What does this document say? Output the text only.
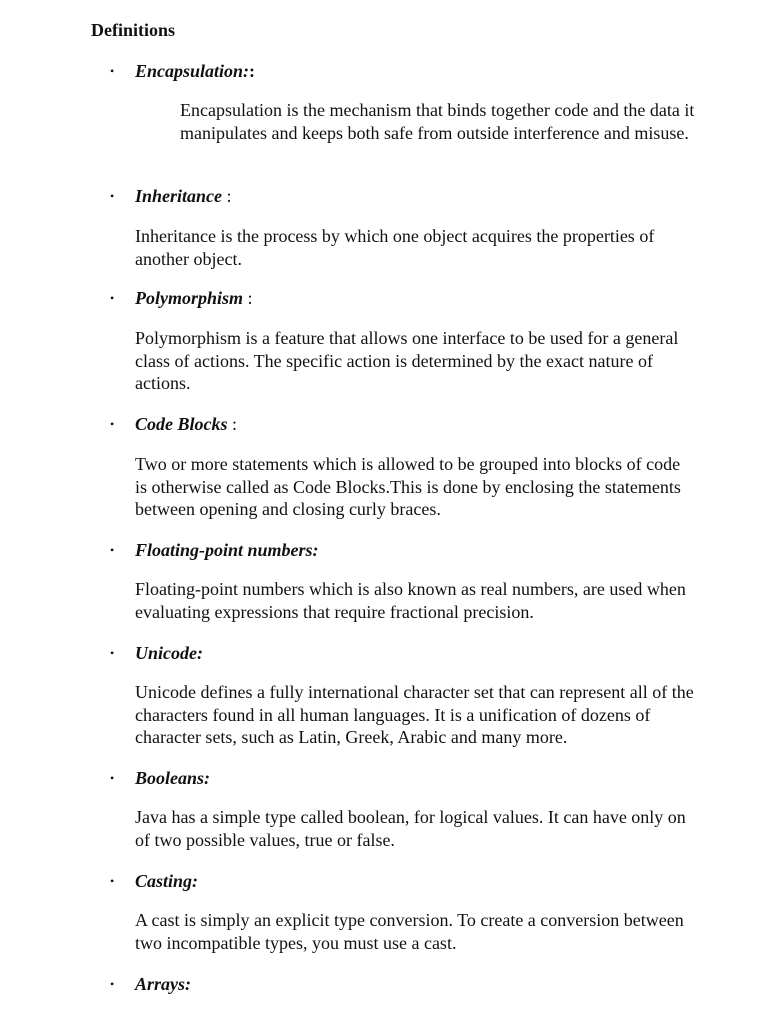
Definitions
• Encapsulation::

Encapsulation is the mechanism that binds together code and the data it manipulates and keeps both safe from outside interference and misuse.

• Inheritance :

Inheritance is the process by which one object acquires the properties of another object.

• Polymorphism :

Polymorphism is a feature that allows one interface to be used for a general class of actions. The specific action is determined by the exact nature of actions.

• Code Blocks :

Two or more statements which is allowed to be grouped into blocks of code is otherwise called as Code Blocks.This is done by enclosing the statements between opening and closing curly braces.

• Floating-point numbers:

Floating-point numbers which is also known as real numbers, are used when evaluating expressions that require fractional precision.

• Unicode:

Unicode defines a fully international character set that can represent all of the characters found in all human languages. It is a unification of dozens of character sets, such as Latin, Greek, Arabic and many more.

• Booleans:

Java has a simple type called boolean, for logical values. It can have only on of two possible values, true or false.

• Casting:

A cast is simply an explicit type conversion. To create a conversion between two incompatible types, you must use a cast.

• Arrays:
